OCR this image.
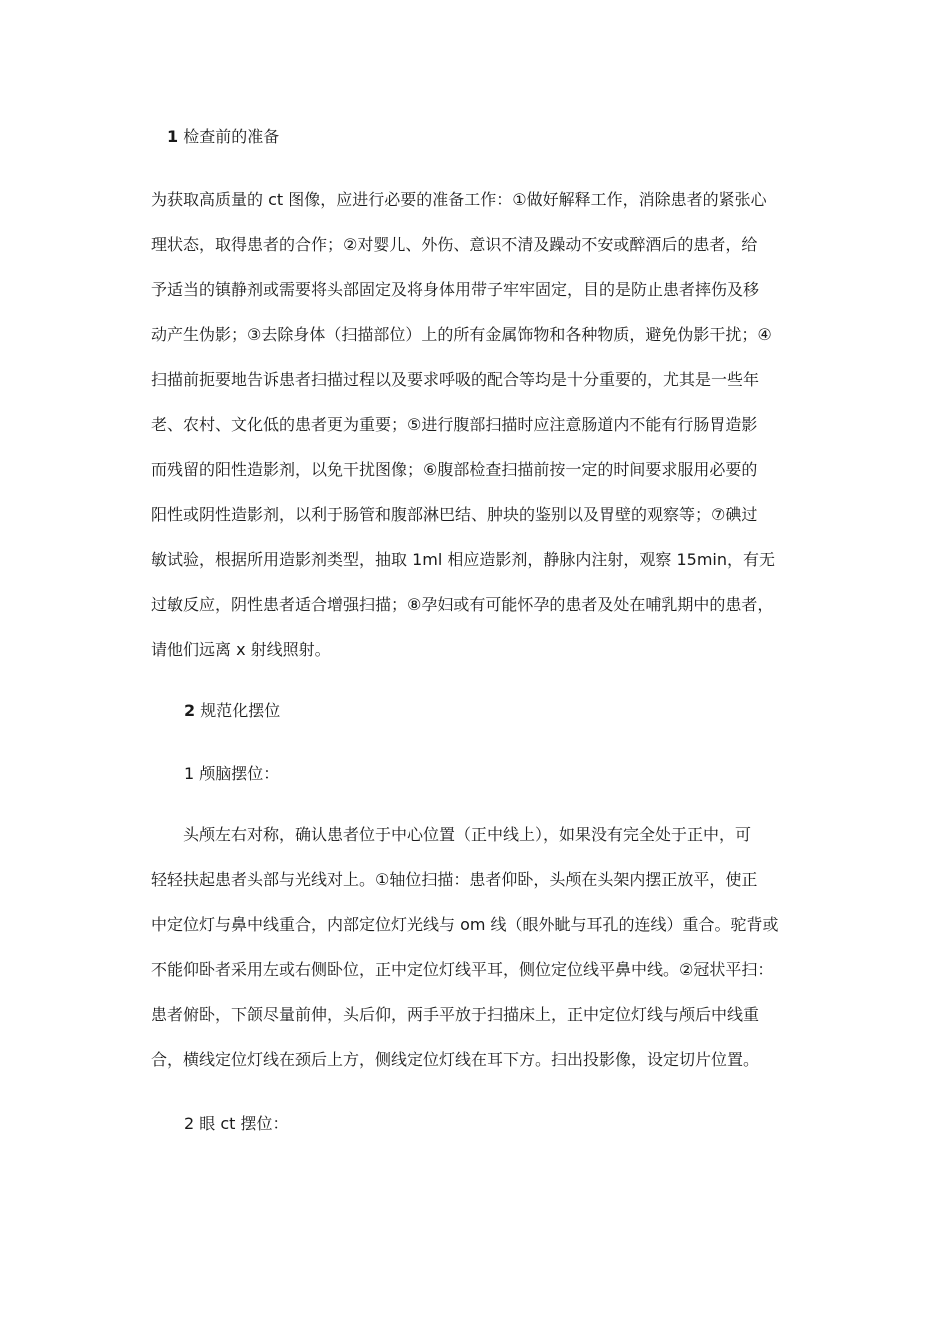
1 检查前的准备
为获取高质量的 ct 图像，应进行必要的准备工作：①做好解释工作，消除患者的紧张心
理状态，取得患者的合作；②对婴儿、外伤、意识不清及躁动不安或醉酒后的患者，给
予适当的镇静剂或需要将头部固定及将身体用带子牢牢固定，目的是防止患者摔伤及移
动产生伪影；③去除身体（扫描部位）上的所有金属饰物和各种物质，避免伪影干扰；④
扫描前扼要地告诉患者扫描过程以及要求呼吸的配合等均是十分重要的，尤其是一些年
老、农村、文化低的患者更为重要；⑤进行腹部扫描时应注意肠道内不能有行肠胃造影
而残留的阳性造影剂，以免干扰图像；⑥腹部检查扫描前按一定的时间要求服用必要的
阳性或阴性造影剂，以利于肠管和腹部淋巴结、肿块的鉴别以及胃壁的观察等；⑦碘过
敏试验，根据所用造影剂类型，抽取 1ml 相应造影剂，静脉内注射，观察 15min，有无
过敏反应，阴性患者适合增强扫描；⑧孕妇或有可能怀孕的患者及处在哺乳期中的患者，
请他们远离 x 射线照射。
2 规范化摆位
1 颅脑摆位：
　　头颅左右对称，确认患者位于中心位置（正中线上），如果没有完全处于正中，可
轻轻扶起患者头部与光线对上。①轴位扫描：患者仰卧，头颅在头架内摆正放平，使正
中定位灯与鼻中线重合，内部定位灯光线与 om 线（眼外眦与耳孔的连线）重合。驼背或
不能仰卧者采用左或右侧卧位，正中定位灯线平耳，侧位定位线平鼻中线。②冠状平扫：
患者俯卧，下颌尽量前伸，头后仰，两手平放于扫描床上，正中定位灯线与颅后中线重
合，横线定位灯线在颈后上方，侧线定位灯线在耳下方。扫出投影像，设定切片位置。
2 眼 ct 摆位：
